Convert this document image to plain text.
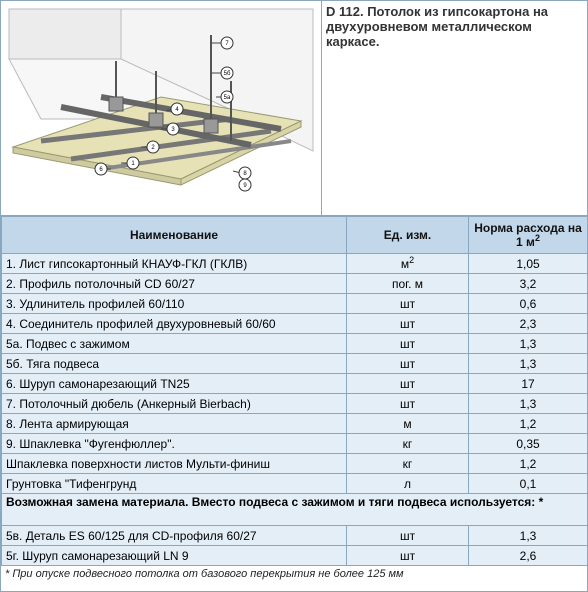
7
5б
5а
4
3
2
1
6
8
9
D 112. Потолок из гипсокартона на двухуровневом металлическом каркасе.
Наименование	Ед. изм.	Норма расхода на 1 $м^2$
1. Лист гипсокартонный КНАУФ-ГКЛ (ГКЛВ)	$м^2$	1,05
2. Профиль потолочный CD 60/27	пог. м	3,2
3. Удлинитель профилей 60/110	шт	0,6
4. Соединитель профилей двухуровневый 60/60	шт	2,3
5а. Подвес с зажимом	шт	1,3
5б. Тяга подвеса	шт	1,3
6. Шуруп самонарезающий TN25	шт	17
7. Потолочный дюбель (Анкерный Bierbach)	шт	1,3
8. Лента армирующая	м	1,2
9. Шпаклевка "Фугенфюллер".	кг	0,35
Шпаклевка поверхности листов Мульти-финиш	кг	1,2
Грунтовка "Тифенгрунд	л	0,1
Возможная замена материала. Вместо подвеса с зажимом и тяги подвеса используется: *		
5в. Деталь ES 60/125 для CD-профиля 60/27	шт	1,3
5г. Шуруп самонарезающий LN 9	шт	2,6
* При опуске подвесного потолка от базового перекрытия не более 125 мм
